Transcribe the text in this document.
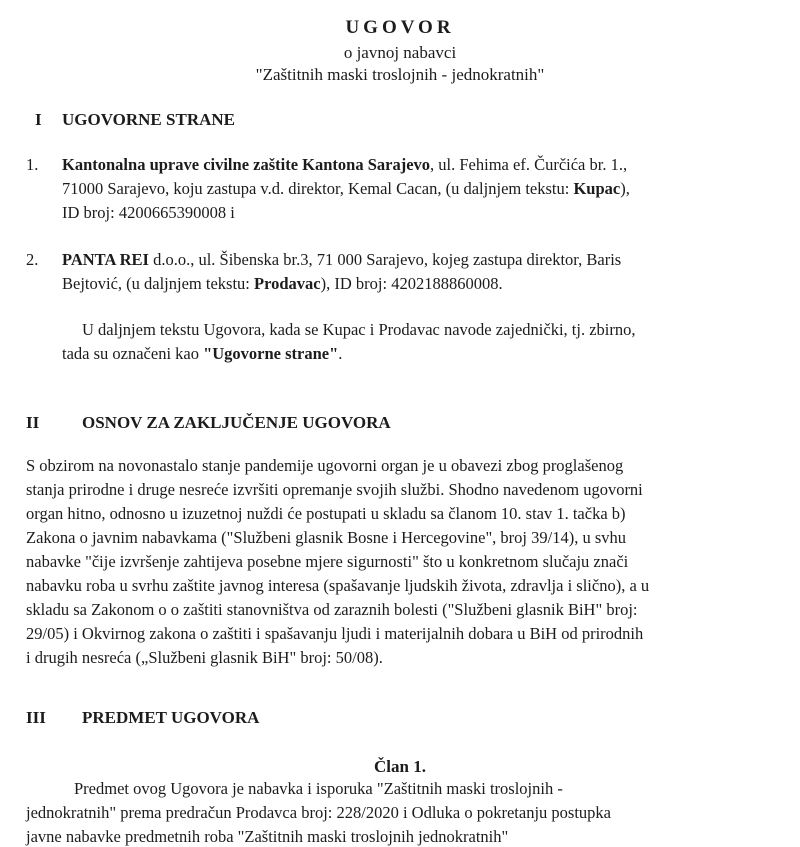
UGOVOR
o javnoj nabavci
"Zaštitnih maski troslojnih - jednokratnih"
I UGOVORNE STRANE
1. Kantonalna uprave civilne zaštite Kantona Sarajevo, ul. Fehima ef. Čurčića br. 1.,
71000 Sarajevo, koju zastupa v.d. direktor, Kemal Cacan, (u daljnjem tekstu: Kupac),
ID broj: 4200665390008 i
2. PANTA REI d.o.o., ul. Šibenska br.3, 71 000 Sarajevo, kojeg zastupa direktor, Baris
Bejtović, (u daljnjem tekstu: Prodavac), ID broj: 4202188860008.
U daljnjem tekstu Ugovora, kada se Kupac i Prodavac navode zajednički, tj. zbirno,
tada su označeni kao "Ugovorne strane".
II	OSNOV ZA ZAKLJUČENJE UGOVORA
S obzirom na novonastalo stanje pandemije ugovorni organ je u obavezi zbog proglašenog
stanja prirodne i druge nesreće izvršiti opremanje svojih službi. Shodno navedenom ugovorni
organ hitno, odnosno u izuzetnoj nuždi će postupati u skladu sa članom 10. stav 1. tačka b)
Zakona o javnim nabavkama ("Službeni glasnik Bosne i Hercegovine", broj 39/14), u svhu
nabavke "čije izvršenje zahtijeva posebne mjere sigurnosti" što u konkretnom slučaju znači
nabavku roba u svrhu zaštite javnog interesa (spašavanje ljudskih života, zdravlja i slično), a u
skladu sa Zakonom o o zaštiti stanovništva od zaraznih bolesti ("Službeni glasnik BiH" broj:
29/05) i Okvirnog zakona o zaštiti i spašavanju ljudi i materijalnih dobara u BiH od prirodnih
i drugih nesreća („Službeni glasnik BiH" broj: 50/08).
III PREDMET UGOVORA
Član 1.
Predmet ovog Ugovora je nabavka i isporuka "Zaštitnih maski troslojnih -
jednokratnih" prema predračun Prodavca broj: 228/2020 i Odluka o pokretanju postupka
javne nabavke predmetnih roba "Zaštitnih maski troslojnih jednokratnih"
